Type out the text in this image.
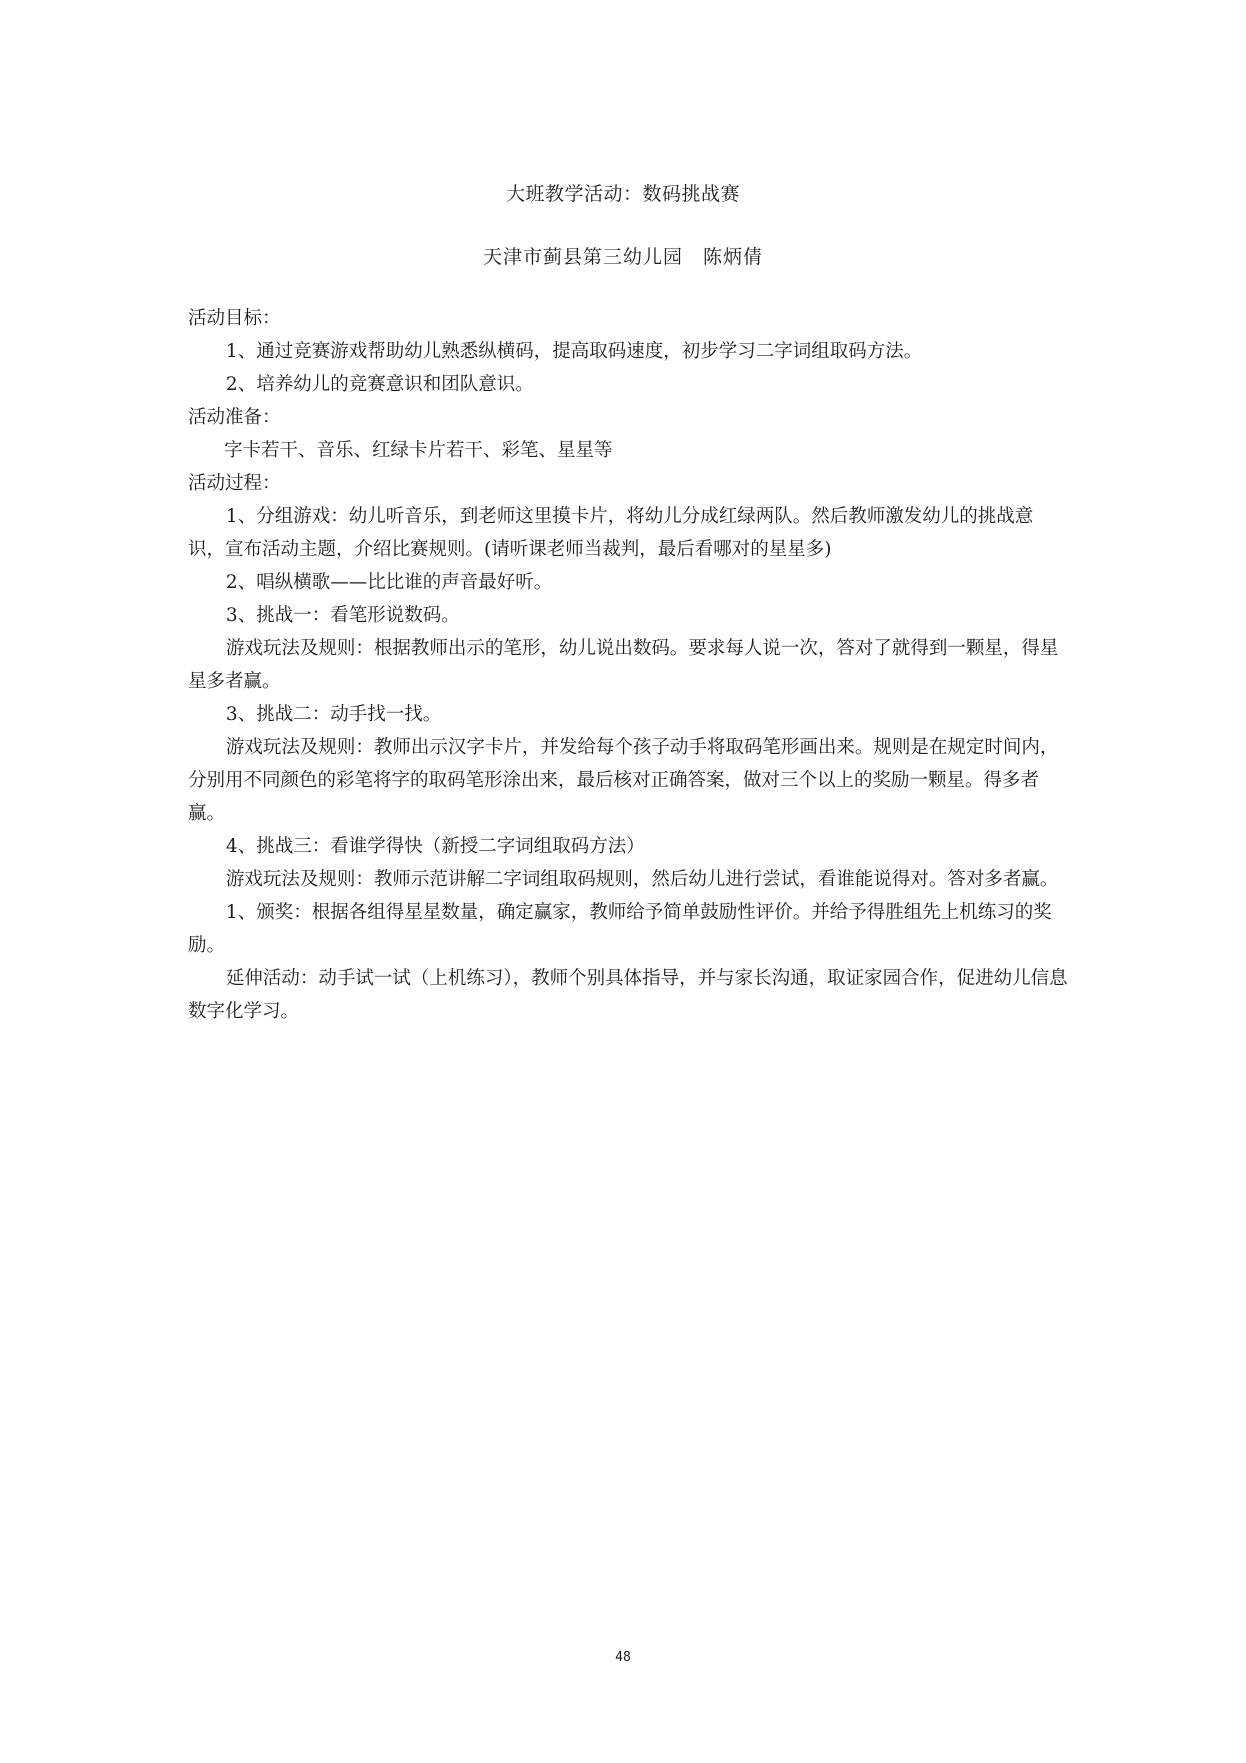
大班教学活动：数码挑战赛
天津市蓟县第三幼儿园　陈炳倩

活动目标：

1、通过竞赛游戏帮助幼儿熟悉纵横码，提高取码速度，初步学习二字词组取码方法。

2、培养幼儿的竞赛意识和团队意识。

活动准备：

字卡若干、音乐、红绿卡片若干、彩笔、星星等

活动过程：

1、分组游戏：幼儿听音乐，到老师这里摸卡片，将幼儿分成红绿两队。然后教师激发幼儿的挑战意识，宣布活动主题，介绍比赛规则。(请听课老师当裁判，最后看哪对的星星多)

2、唱纵横歌——比比谁的声音最好听。

3、挑战一：看笔形说数码。

游戏玩法及规则：根据教师出示的笔形，幼儿说出数码。要求每人说一次，答对了就得到一颗星，得星星多者赢。

3、挑战二：动手找一找。

游戏玩法及规则：教师出示汉字卡片，并发给每个孩子动手将取码笔形画出来。规则是在规定时间内，分别用不同颜色的彩笔将字的取码笔形涂出来，最后核对正确答案，做对三个以上的奖励一颗星。得多者赢。

4、挑战三：看谁学得快（新授二字词组取码方法）

游戏玩法及规则：教师示范讲解二字词组取码规则，然后幼儿进行尝试，看谁能说得对。答对多者赢。

1、颁奖：根据各组得星星数量，确定赢家，教师给予简单鼓励性评价。并给予得胜组先上机练习的奖励。

延伸活动：动手试一试（上机练习），教师个别具体指导，并与家长沟通，取证家园合作，促进幼儿信息数字化学习。

48
